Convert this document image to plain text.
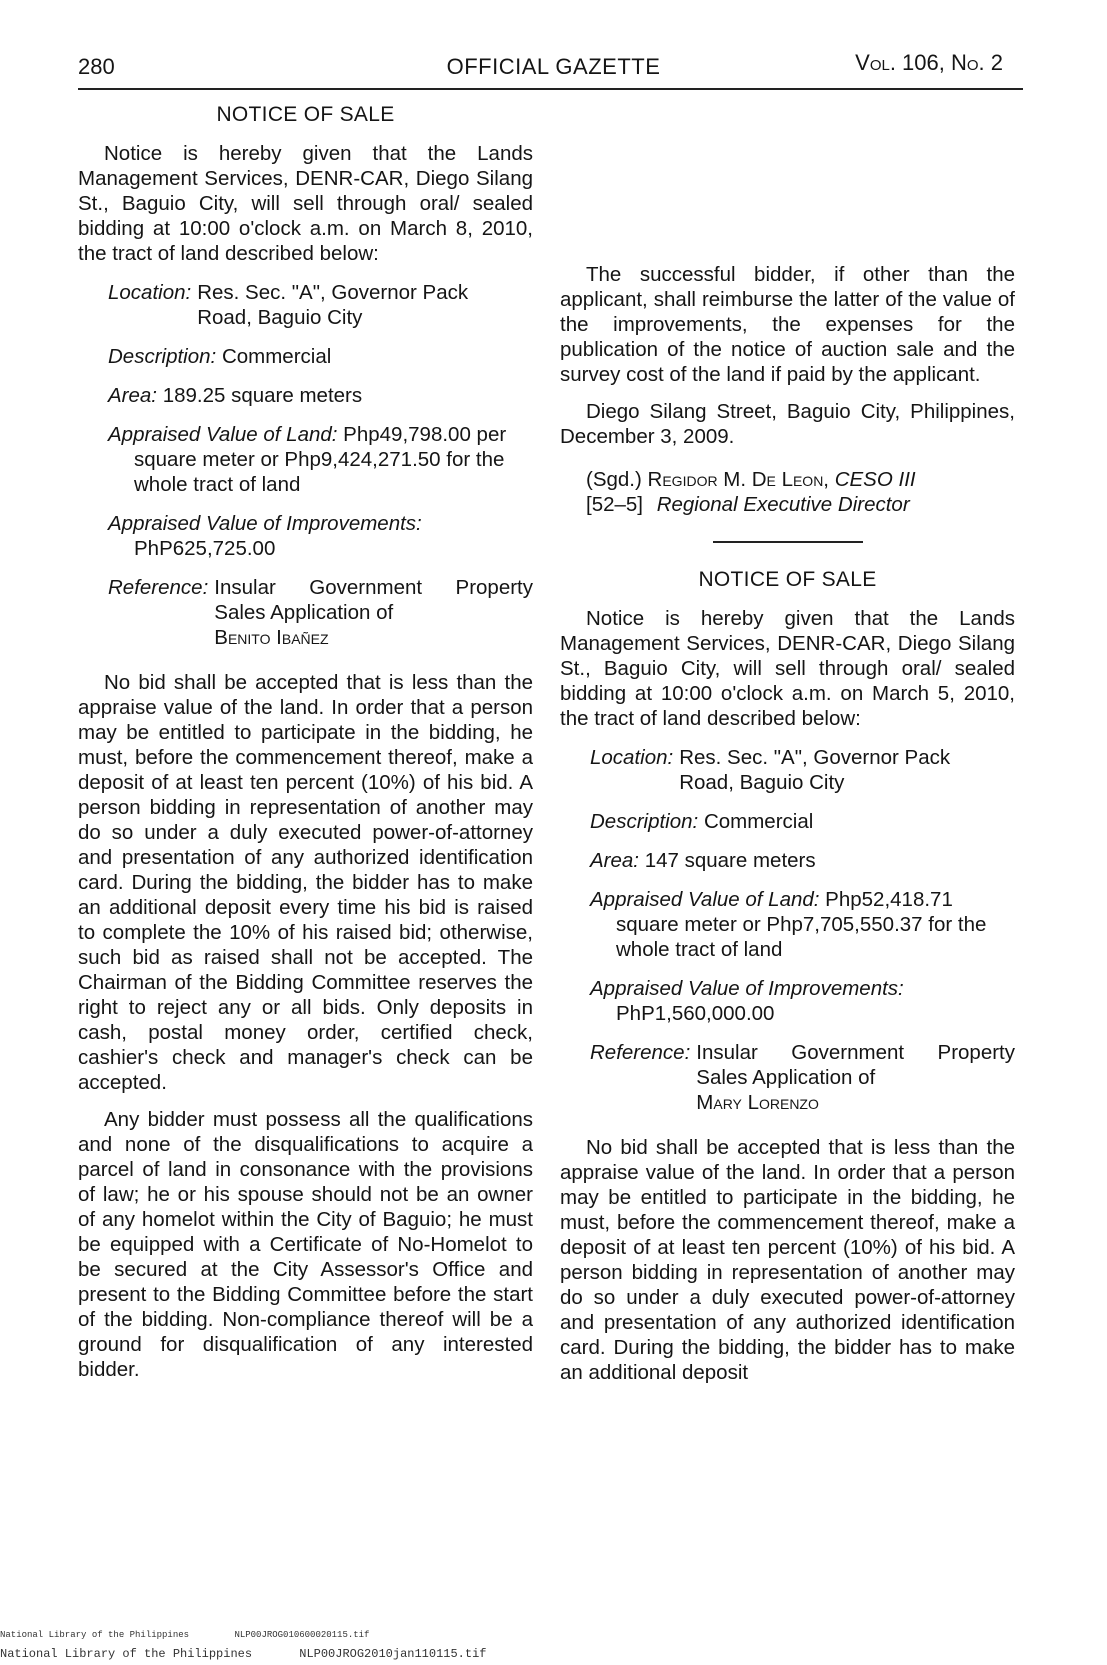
280	OFFICIAL GAZETTE	Vol. 106, No. 2

NOTICE OF SALE

Notice is hereby given that the Lands Management Services, DENR-CAR, Diego Silang St., Baguio City, will sell through oral/ sealed bidding at 10:00 o'clock a.m. on March 8, 2010, the tract of land described below:

Location: Res. Sec. "A", Governor Pack
Road, Baguio City
Description: Commercial
Area: 189.25 square meters
Appraised Value of Land: Php49,798.00 per square meter or Php9,424,271.50 for the whole tract of land
Appraised Value of Improvements:
PhP625,725.00
Reference: Insular Government Property Sales Application of
Benito Ibañez

No bid shall be accepted that is less than the appraise value of the land. In order that a person may be entitled to participate in the bidding, he must, before the commencement thereof, make a deposit of at least ten percent (10%) of his bid. A person bidding in representation of another may do so under a duly executed power-of-attorney and presentation of any authorized identification card. During the bidding, the bidder has to make an additional deposit every time his bid is raised to complete the 10% of his raised bid; otherwise, such bid as raised shall not be accepted. The Chairman of the Bidding Committee reserves the right to reject any or all bids. Only deposits in cash, postal money order, certified check, cashier's check and manager's check can be accepted.

Any bidder must possess all the qualifications and none of the disqualifications to acquire a parcel of land in consonance with the provisions of law; he or his spouse should not be an owner of any homelot within the City of Baguio; he must be equipped with a Certificate of No-Homelot to be secured at the City Assessor's Office and present to the Bidding Committee before the start of the bidding. Non-compliance thereof will be a ground for disqualification of any interested bidder.

The successful bidder, if other than the applicant, shall reimburse the latter of the value of the improvements, the expenses for the publication of the notice of auction sale and the survey cost of the land if paid by the applicant.

Diego Silang Street, Baguio City, Philippines, December 3, 2009.

(Sgd.) Regidor M. De Leon, CESO III
[52–5] Regional Executive Director

NOTICE OF SALE

Notice is hereby given that the Lands Management Services, DENR-CAR, Diego Silang St., Baguio City, will sell through oral/ sealed bidding at 10:00 o'clock a.m. on March 5, 2010, the tract of land described below:

Location: Res. Sec. "A", Governor Pack
Road, Baguio City
Description: Commercial
Area: 147 square meters
Appraised Value of Land: Php52,418.71 square meter or Php7,705,550.37 for the whole tract of land
Appraised Value of Improvements:
PhP1,560,000.00
Reference: Insular Government Property Sales Application of
Mary Lorenzo

No bid shall be accepted that is less than the appraise value of the land. In order that a person may be entitled to participate in the bidding, he must, before the commencement thereof, make a deposit of at least ten percent (10%) of his bid. A person bidding in representation of another may do so under a duly executed power-of-attorney and presentation of any authorized identification card. During the bidding, the bidder has to make an additional deposit

National Library of the Philippines	NLP00JROG010600020115.tif
National Library of the Philippines	NLP00JROG2010jan110115.tif
